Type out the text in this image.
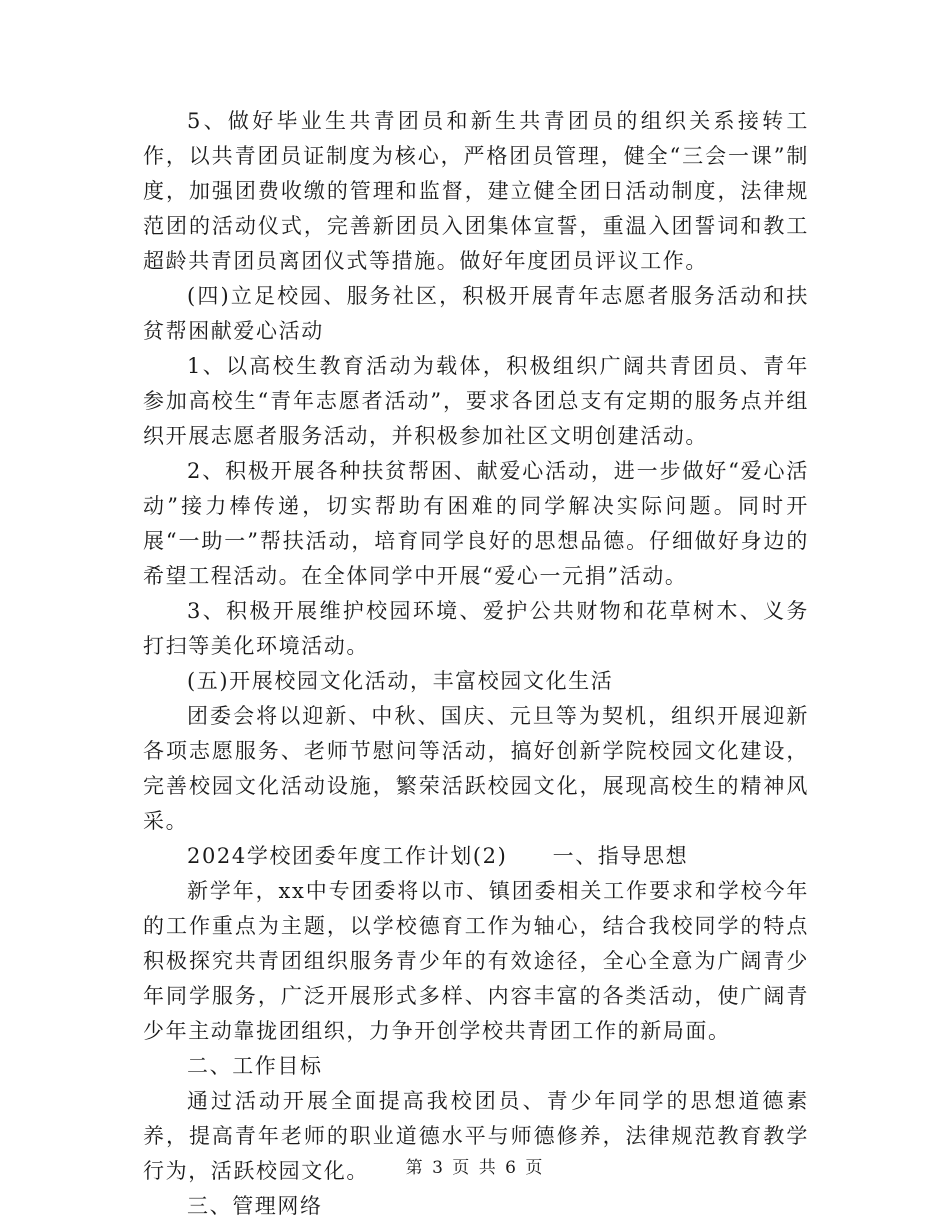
5、做好毕业生共青团员和新生共青团员的组织关系接转工作，以共青团员证制度为核心，严格团员管理，健全“三会一课”制度，加强团费收缴的管理和监督，建立健全团日活动制度，法律规范团的活动仪式，完善新团员入团集体宣誓，重温入团誓词和教工超龄共青团员离团仪式等措施。做好年度团员评议工作。

(四)立足校园、服务社区，积极开展青年志愿者服务活动和扶贫帮困献爱心活动

1、以高校生教育活动为载体，积极组织广阔共青团员、青年参加高校生“青年志愿者活动”，要求各团总支有定期的服务点并组织开展志愿者服务活动，并积极参加社区文明创建活动。

2、积极开展各种扶贫帮困、献爱心活动，进一步做好“爱心活动”接力棒传递，切实帮助有困难的同学解决实际问题。同时开展“一助一”帮扶活动，培育同学良好的思想品德。仔细做好身边的希望工程活动。在全体同学中开展“爱心一元捐”活动。

3、积极开展维护校园环境、爱护公共财物和花草树木、义务打扫等美化环境活动。

(五)开展校园文化活动，丰富校园文化生活

团委会将以迎新、中秋、国庆、元旦等为契机，组织开展迎新各项志愿服务、老师节慰问等活动，搞好创新学院校园文化建设，完善校园文化活动设施，繁荣活跃校园文化，展现高校生的精神风采。

2024学校团委年度工作计划(2)　　一、指导思想

新学年，xx中专团委将以市、镇团委相关工作要求和学校今年的工作重点为主题，以学校德育工作为轴心，结合我校同学的特点积极探究共青团组织服务青少年的有效途径，全心全意为广阔青少年同学服务，广泛开展形式多样、内容丰富的各类活动，使广阔青少年主动靠拢团组织，力争开创学校共青团工作的新局面。

二、工作目标

通过活动开展全面提高我校团员、青少年同学的思想道德素养，提高青年老师的职业道德水平与师德修养，法律规范教育教学行为，活跃校园文化。

三、管理网络

第 3 页 共 6 页
